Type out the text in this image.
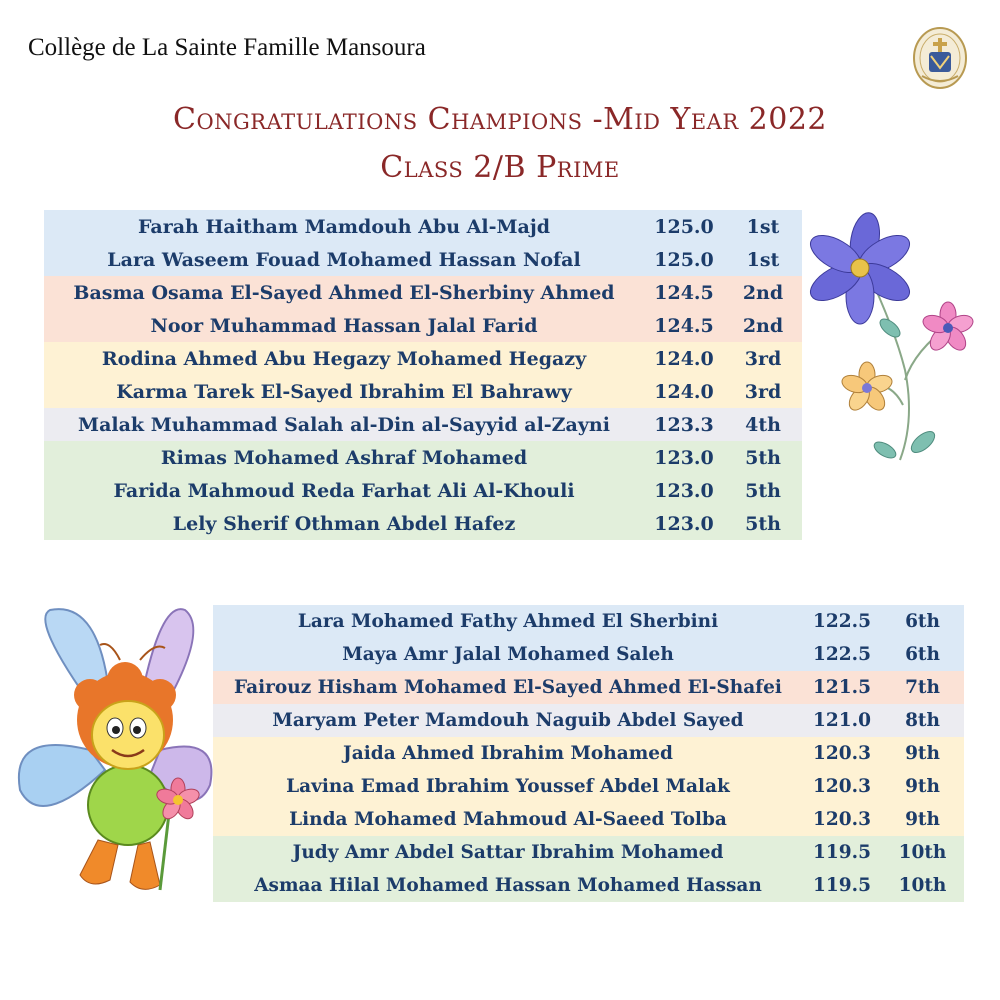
Collège de La Sainte Famille Mansoura
Congratulations Champions -Mid Year 2022
Class 2/B Prime
Farah Haitham Mamdouh Abu Al-Majd	125.0	1st
Lara Waseem Fouad Mohamed Hassan Nofal	125.0	1st
Basma Osama El-Sayed Ahmed El-Sherbiny Ahmed	124.5	2nd
Noor Muhammad Hassan Jalal Farid	124.5	2nd
Rodina Ahmed Abu Hegazy Mohamed Hegazy	124.0	3rd
Karma Tarek El-Sayed Ibrahim El Bahrawy	124.0	3rd
Malak Muhammad Salah al-Din al-Sayyid al-Zayni	123.3	4th
Rimas Mohamed Ashraf Mohamed	123.0	5th
Farida Mahmoud Reda Farhat Ali Al-Khouli	123.0	5th
Lely Sherif Othman Abdel Hafez	123.0	5th
Lara Mohamed Fathy Ahmed El Sherbini	122.5	6th
Maya Amr Jalal Mohamed Saleh	122.5	6th
Fairouz Hisham Mohamed El-Sayed Ahmed El-Shafei	121.5	7th
Maryam Peter Mamdouh Naguib Abdel Sayed	121.0	8th
Jaida Ahmed Ibrahim Mohamed	120.3	9th
Lavina Emad Ibrahim Youssef Abdel Malak	120.3	9th
Linda Mohamed Mahmoud Al-Saeed Tolba	120.3	9th
Judy Amr Abdel Sattar Ibrahim Mohamed	119.5	10th
Asmaa Hilal Mohamed Hassan Mohamed Hassan	119.5	10th
